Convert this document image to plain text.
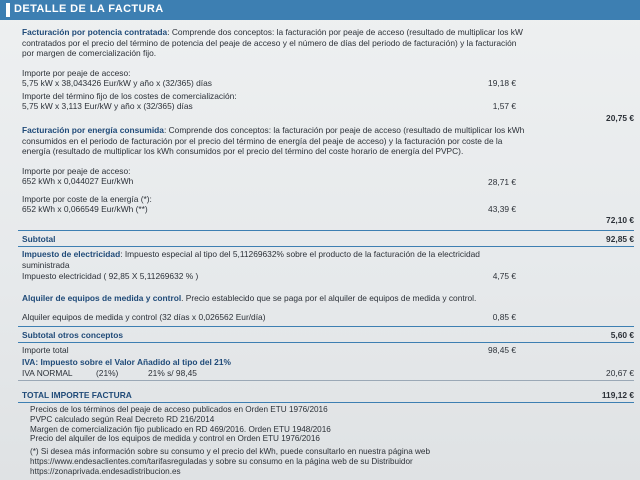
DETALLE DE LA FACTURA
Facturación por potencia contratada: Comprende dos conceptos: la facturación por peaje de acceso (resultado de multiplicar los kW
contratados por el precio del término de potencia del peaje de acceso y el número de días del periodo de facturación) y la facturación
por margen de comercialización fijo.
Importe por peaje de acceso:
5,75 kW x 38,043426 Eur/kW y año x (32/365) días	19,18 €
Importe del término fijo de los costes de comercialización:
5,75 kW x 3,113 Eur/kW y año x (32/365) días	1,57 €
20,75 €
Facturación por energía consumida: Comprende dos conceptos: la facturación por peaje de acceso (resultado de multiplicar los kWh
consumidos en el periodo de facturación por el precio del término de energía del peaje de acceso) y la facturación por coste de la
energía (resultado de multiplicar los kWh consumidos por el precio del término del coste horario de energía del PVPC).
Importe por peaje de acceso:
652 kWh x 0,044027 Eur/kWh	28,71 €
Importe por coste de la energía (*):
652 kWh x 0,066549 Eur/kWh (**)	43,39 €
72,10 €
Subtotal	92,85 €
Impuesto de electricidad: Impuesto especial al tipo del 5,11269632% sobre el producto de la facturación de la electricidad
suministrada
Impuesto electricidad ( 92,85 X 5,11269632 % )	4,75 €
Alquiler de equipos de medida y control. Precio establecido que se paga por el alquiler de equipos de medida y control.
Alquiler equipos de medida y control (32 días x 0,026562 Eur/día)	0,85 €
Subtotal otros conceptos	5,60 €
Importe total	98,45 €
IVA: Impuesto sobre el Valor Añadido al tipo del 21%
IVA NORMAL	(21%)	21% s/ 98,45	20,67 €
TOTAL IMPORTE FACTURA	119,12 €
Precios de los términos del peaje de acceso publicados en Orden ETU 1976/2016
PVPC calculado según Real Decreto RD 216/2014
Margen de comercialización fijo publicado en RD 469/2016. Orden ETU 1948/2016
Precio del alquiler de los equipos de medida y control en Orden ETU 1976/2016
(*) Si desea más información sobre su consumo y el precio del kWh, puede consultarlo en nuestra página web
https://www.endesaclientes.com/tarifasreguladas y sobre su consumo en la página web de su Distribuidor
https://zonaprivada.endesadistribucion.es
